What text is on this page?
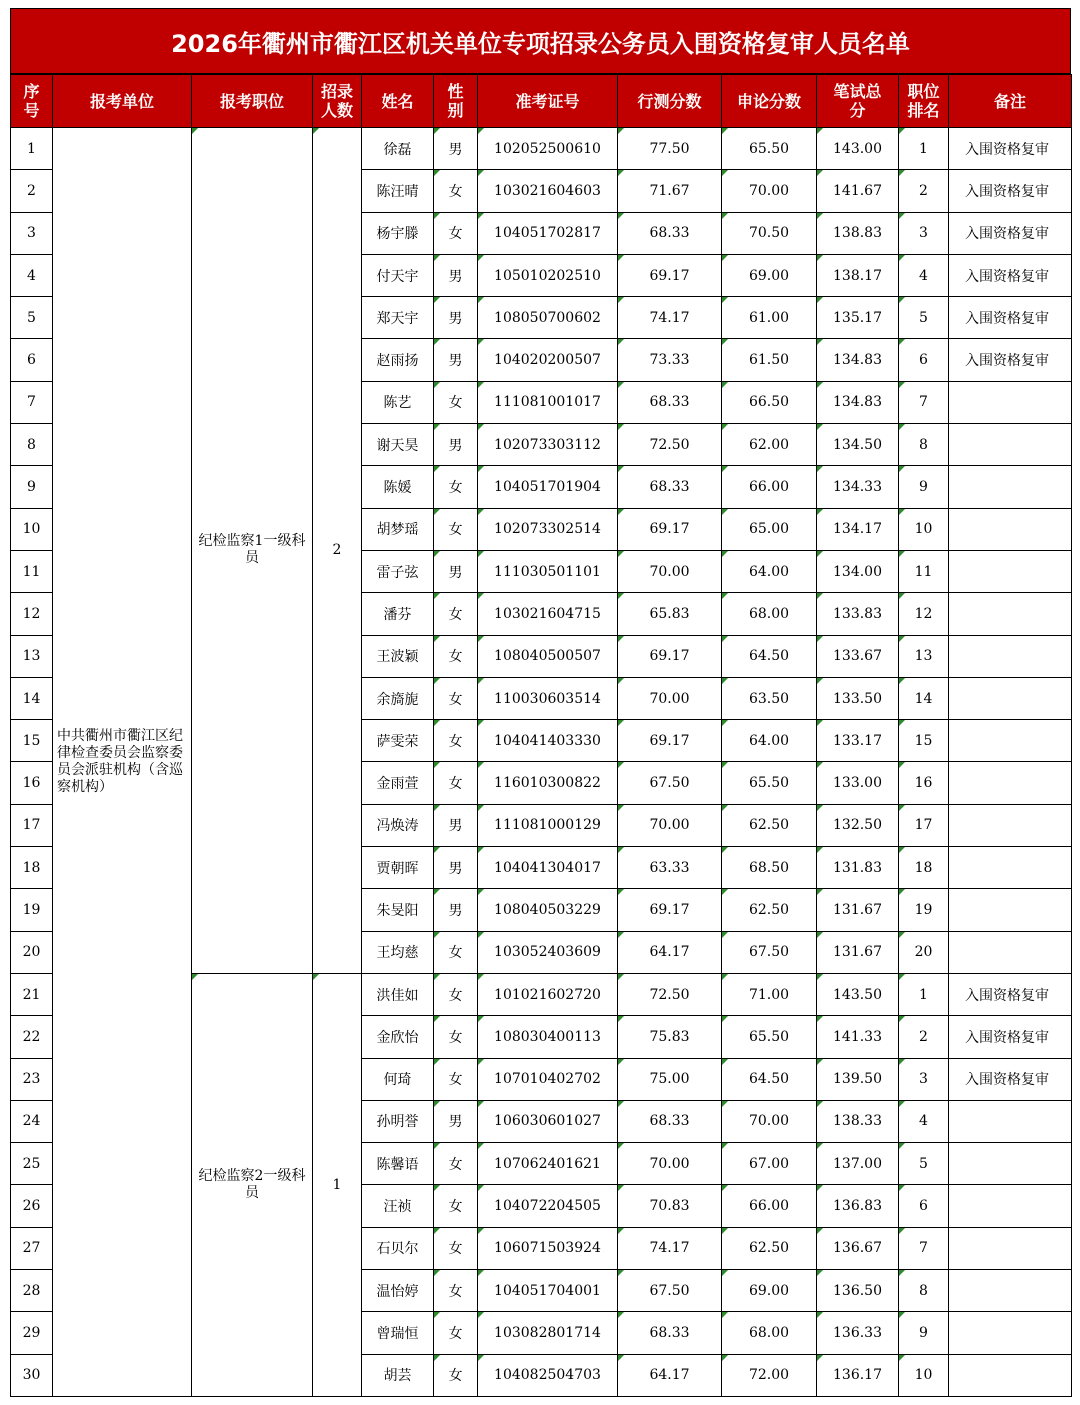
2026年衢州市衢江区机关单位专项招录公务员入围资格复审人员名单
序号	报考单位	报考职位	招录人数	姓名	性别	准考证号	行测分数	申论分数	笔试总分	职位排名	备注
1	中共衢州市衢江区纪律检查委员会监察委员会派驻机构（含巡察机构）	纪检监察1一级科员	2	徐磊	男	102052500610	77.50	65.50	143.00	1	入围资格复审
2				陈汪晴	女	103021604603	71.67	70.00	141.67	2	入围资格复审
3				杨宇滕	女	104051702817	68.33	70.50	138.83	3	入围资格复审
4				付天宇	男	105010202510	69.17	69.00	138.17	4	入围资格复审
5				郑天宇	男	108050700602	74.17	61.00	135.17	5	入围资格复审
6				赵雨扬	男	104020200507	73.33	61.50	134.83	6	入围资格复审
7				陈艺	女	111081001017	68.33	66.50	134.83	7	
8				谢天昊	男	102073303112	72.50	62.00	134.50	8	
9				陈媛	女	104051701904	68.33	66.00	134.33	9	
10				胡梦瑶	女	102073302514	69.17	65.00	134.17	10	
11				雷子弦	男	111030501101	70.00	64.00	134.00	11	
12				潘芬	女	103021604715	65.83	68.00	133.83	12	
13				王波颖	女	108040500507	69.17	64.50	133.67	13	
14				余旖旎	女	110030603514	70.00	63.50	133.50	14	
15				萨雯荣	女	104041403330	69.17	64.00	133.17	15	
16				金雨萱	女	116010300822	67.50	65.50	133.00	16	
17				冯焕涛	男	111081000129	70.00	62.50	132.50	17	
18				贾朝晖	男	104041304017	63.33	68.50	131.83	18	
19				朱旻阳	男	108040503229	69.17	62.50	131.67	19	
20				王均慈	女	103052403609	64.17	67.50	131.67	20	
21		纪检监察2一级科员	1	洪佳如	女	101021602720	72.50	71.00	143.50	1	入围资格复审
22				金欣怡	女	108030400113	75.83	65.50	141.33	2	入围资格复审
23				何琦	女	107010402702	75.00	64.50	139.50	3	入围资格复审
24				孙明誉	男	106030601027	68.33	70.00	138.33	4	
25				陈馨语	女	107062401621	70.00	67.00	137.00	5	
26				汪祯	女	104072204505	70.83	66.00	136.83	6	
27				石贝尔	女	106071503924	74.17	62.50	136.67	7	
28				温怡婷	女	104051704001	67.50	69.00	136.50	8	
29				曾瑞恒	女	103082801714	68.33	68.00	136.33	9	
30				胡芸	女	104082504703	64.17	72.00	136.17	10	
